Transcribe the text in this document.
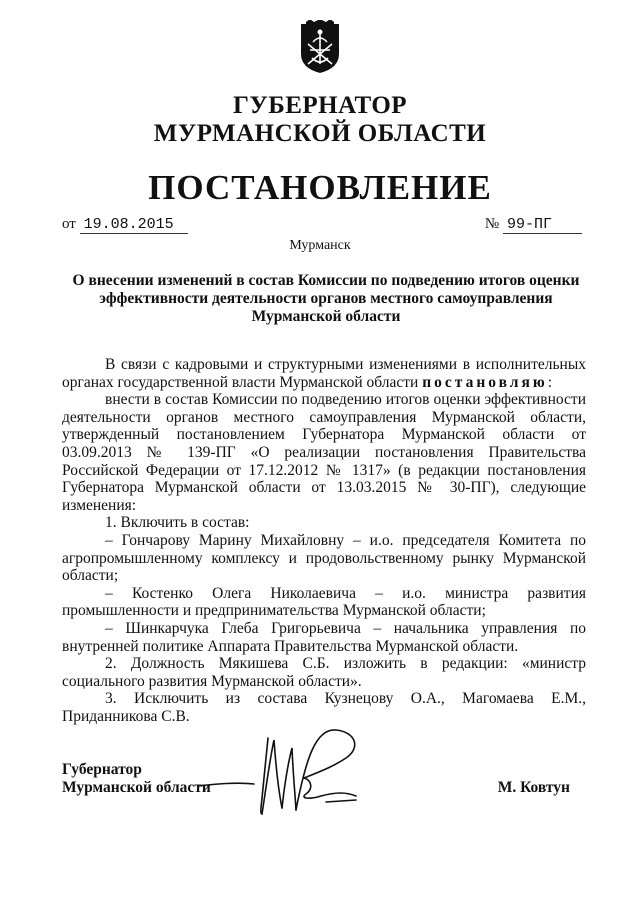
ГУБЕРНАТОР
МУРМАНСКОЙ ОБЛАСТИ
ПОСТАНОВЛЕНИЕ
от 19.08.2015	№ 99-ПГ
Мурманск
О внесении изменений в состав Комиссии по подведению итогов оценки эффективности деятельности органов местного самоуправления Мурманской области

В связи с кадровыми и структурными изменениями в исполнительных органах государственной власти Мурманской области постановляю:

внести в состав Комиссии по подведению итогов оценки эффективности деятельности органов местного самоуправления Мурманской области, утвержденный постановлением Губернатора Мурманской области от 03.09.2013 № 139-ПГ «О реализации постановления Правительства Российской Федерации от 17.12.2012 № 1317» (в редакции постановления Губернатора Мурманской области от 13.03.2015 № 30-ПГ), следующие изменения:

1. Включить в состав:

– Гончарову Марину Михайловну – и.о. председателя Комитета по агропромышленному комплексу и продовольственному рынку Мурманской области;

– Костенко Олега Николаевича – и.о. министра развития промышленности и предпринимательства Мурманской области;

– Шинкарчука Глеба Григорьевича – начальника управления по внутренней политике Аппарата Правительства Мурманской области.

2. Должность Мякишева С.Б. изложить в редакции: «министр социального развития Мурманской области».

3. Исключить из состава Кузнецову О.А., Магомаева Е.М., Приданникова С.В.

Губернатор
Мурманской области	М. Ковтун
